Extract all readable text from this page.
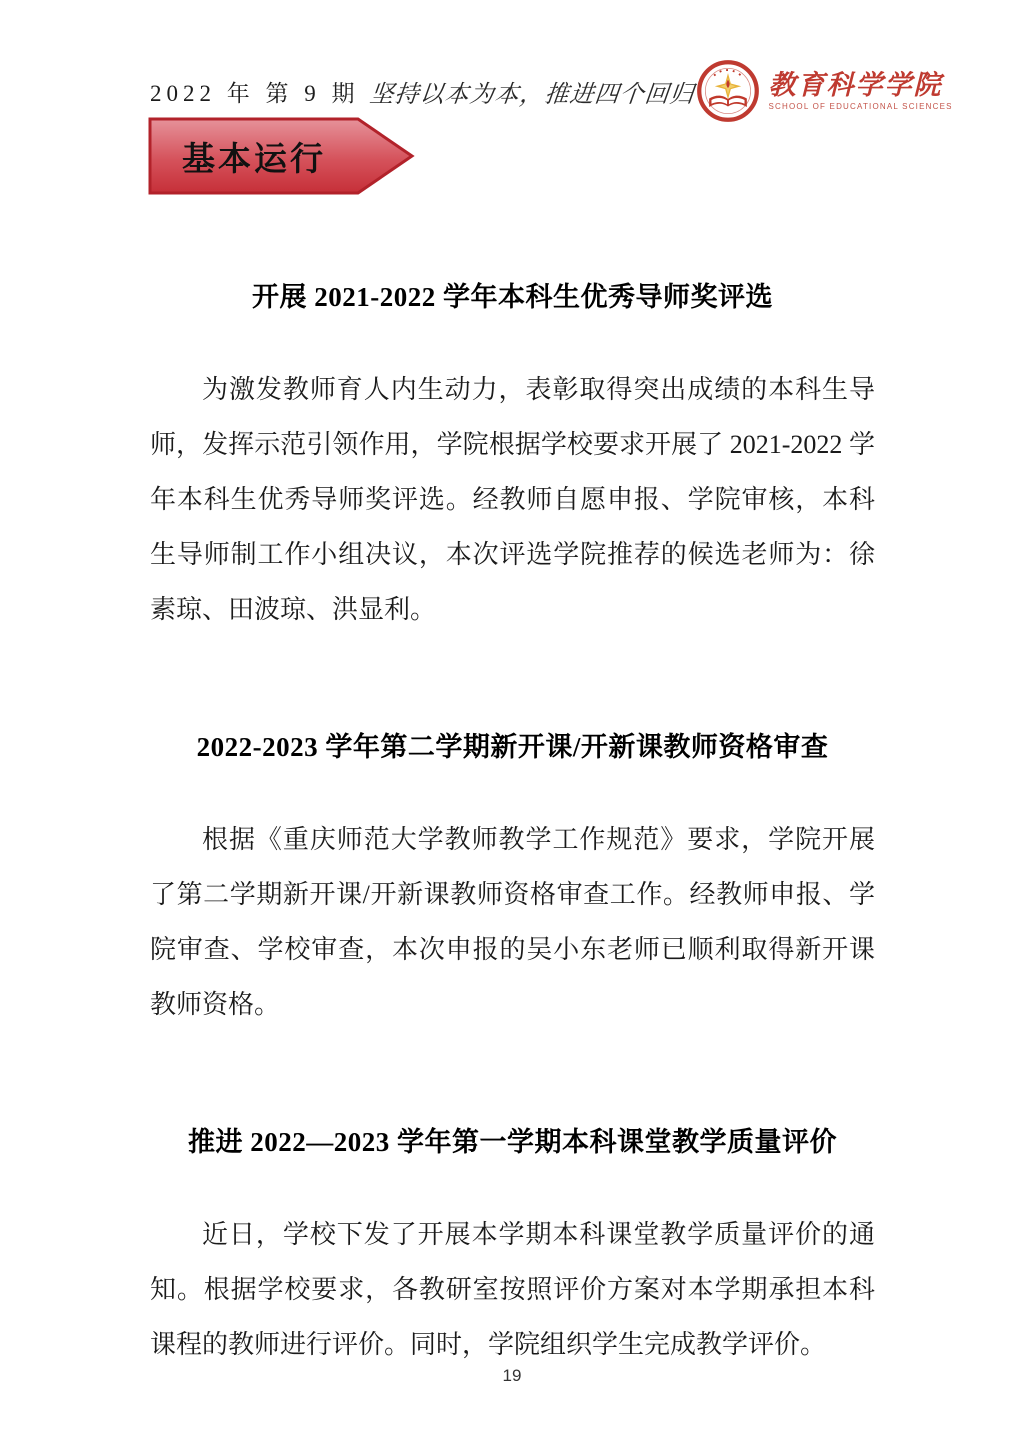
2022 年 第 9 期 坚持以本为本，推进四个回归	教育科学学院
SCHOOL OF EDUCATIONAL SCIENCES
基本运行
开展 2021-2022 学年本科生优秀导师奖评选
为激发教师育人内生动力，表彰取得突出成绩的本科生导师，发挥示范引领作用，学院根据学校要求开展了 2021-2022 学年本科生优秀导师奖评选。经教师自愿申报、学院审核，本科生导师制工作小组决议，本次评选学院推荐的候选老师为：徐素琼、田波琼、洪显利。
2022-2023 学年第二学期新开课/开新课教师资格审查
根据《重庆师范大学教师教学工作规范》要求，学院开展了第二学期新开课/开新课教师资格审查工作。经教师申报、学院审查、学校审查，本次申报的吴小东老师已顺利取得新开课教师资格。
推进 2022—2023 学年第一学期本科课堂教学质量评价
近日，学校下发了开展本学期本科课堂教学质量评价的通知。根据学校要求，各教研室按照评价方案对本学期承担本科课程的教师进行评价。同时，学院组织学生完成教学评价。
19
